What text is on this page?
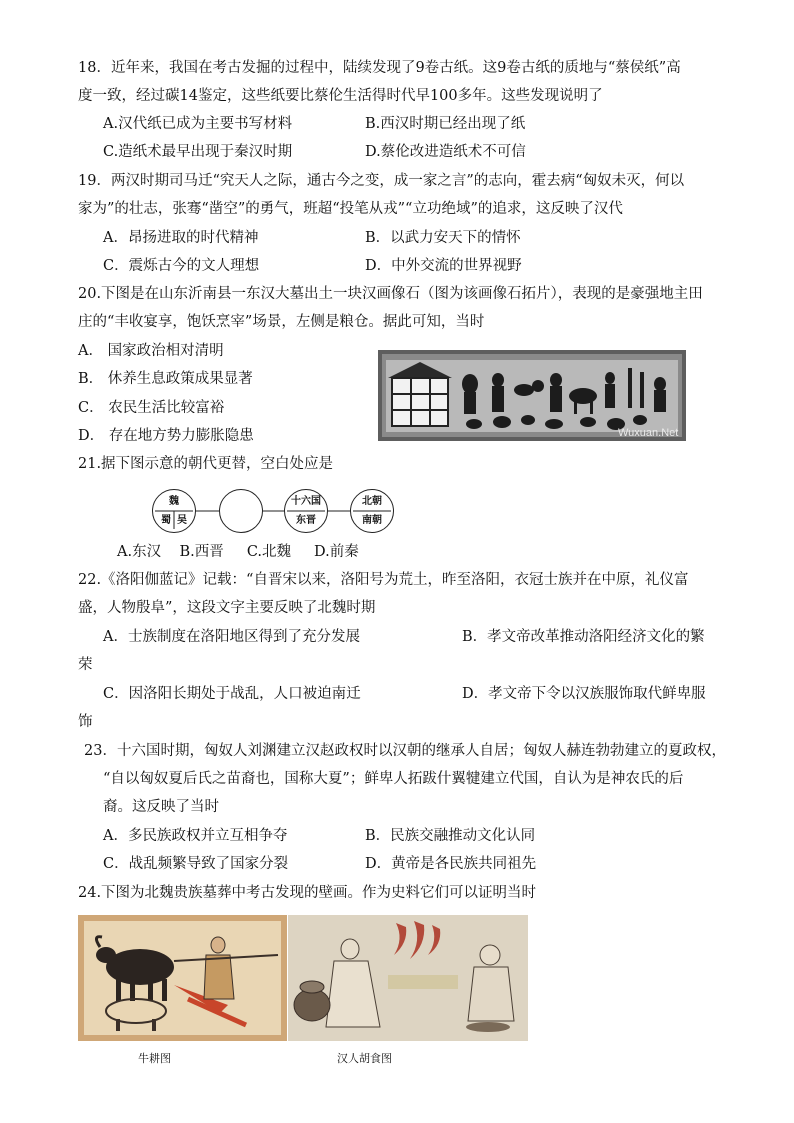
18．近年来，我国在考古发掘的过程中，陆续发现了9卷古纸。这9卷古纸的质地与“蔡侯纸”高
度一致，经过碳14鉴定，这些纸要比蔡伦生活得时代早100多年。这些发现说明了
A.汉代纸已成为主要书写材料	B.西汉时期已经出现了纸
C.造纸术最早出现于秦汉时期	D.蔡伦改进造纸术不可信
19．两汉时期司马迁“究天人之际，通古今之变，成一家之言”的志向，霍去病“匈奴未灭，何以
家为”的壮志，张骞“凿空”的勇气，班超“投笔从戎”“立功绝域”的追求，这反映了汉代
A．昂扬进取的时代精神	B．以武力安天下的情怀
C．震烁古今的文人理想	D．中外交流的世界视野
20.下图是在山东沂南县一东汉大墓出土一块汉画像石（图为该画像石拓片），表现的是豪强地主田
庄的“丰收宴享，饱饫烹宰”场景，左侧是粮仓。据此可知，当时
A． 国家政治相对清明
B． 休养生息政策成果显著
C． 农民生活比较富裕
D． 存在地方势力膨胀隐患	Wuxuan.Net
21.据下图示意的朝代更替，空白处应是
魏
蜀 吴
十六国
东晋
北朝
南朝
A.东汉    B.西晋     C.北魏     D.前秦
22.《洛阳伽蓝记》记载：“自晋宋以来，洛阳号为荒土，昨至洛阳，衣冠士族并在中原，礼仪富
盛，人物殷阜”，这段文字主要反映了北魏时期
A．士族制度在洛阳地区得到了充分发展	B．孝文帝改革推动洛阳经济文化的繁
荣
C．因洛阳长期处于战乱，人口被迫南迁	D．孝文帝下令以汉族服饰取代鲜卑服
饰
23．十六国时期，匈奴人刘渊建立汉赵政权时以汉朝的继承人自居；匈奴人赫连勃勃建立的夏政权，
“自以匈奴夏后氏之苗裔也，国称大夏”；鲜卑人拓跋什翼犍建立代国，自认为是神农氏的后
裔。这反映了当时
A．多民族政权并立互相争夺	B．民族交融推动文化认同
C．战乱频繁导致了国家分裂	D．黄帝是各民族共同祖先
24.下图为北魏贵族墓葬中考古发现的壁画。作为史料它们可以证明当时
牛耕图	汉人胡食图
